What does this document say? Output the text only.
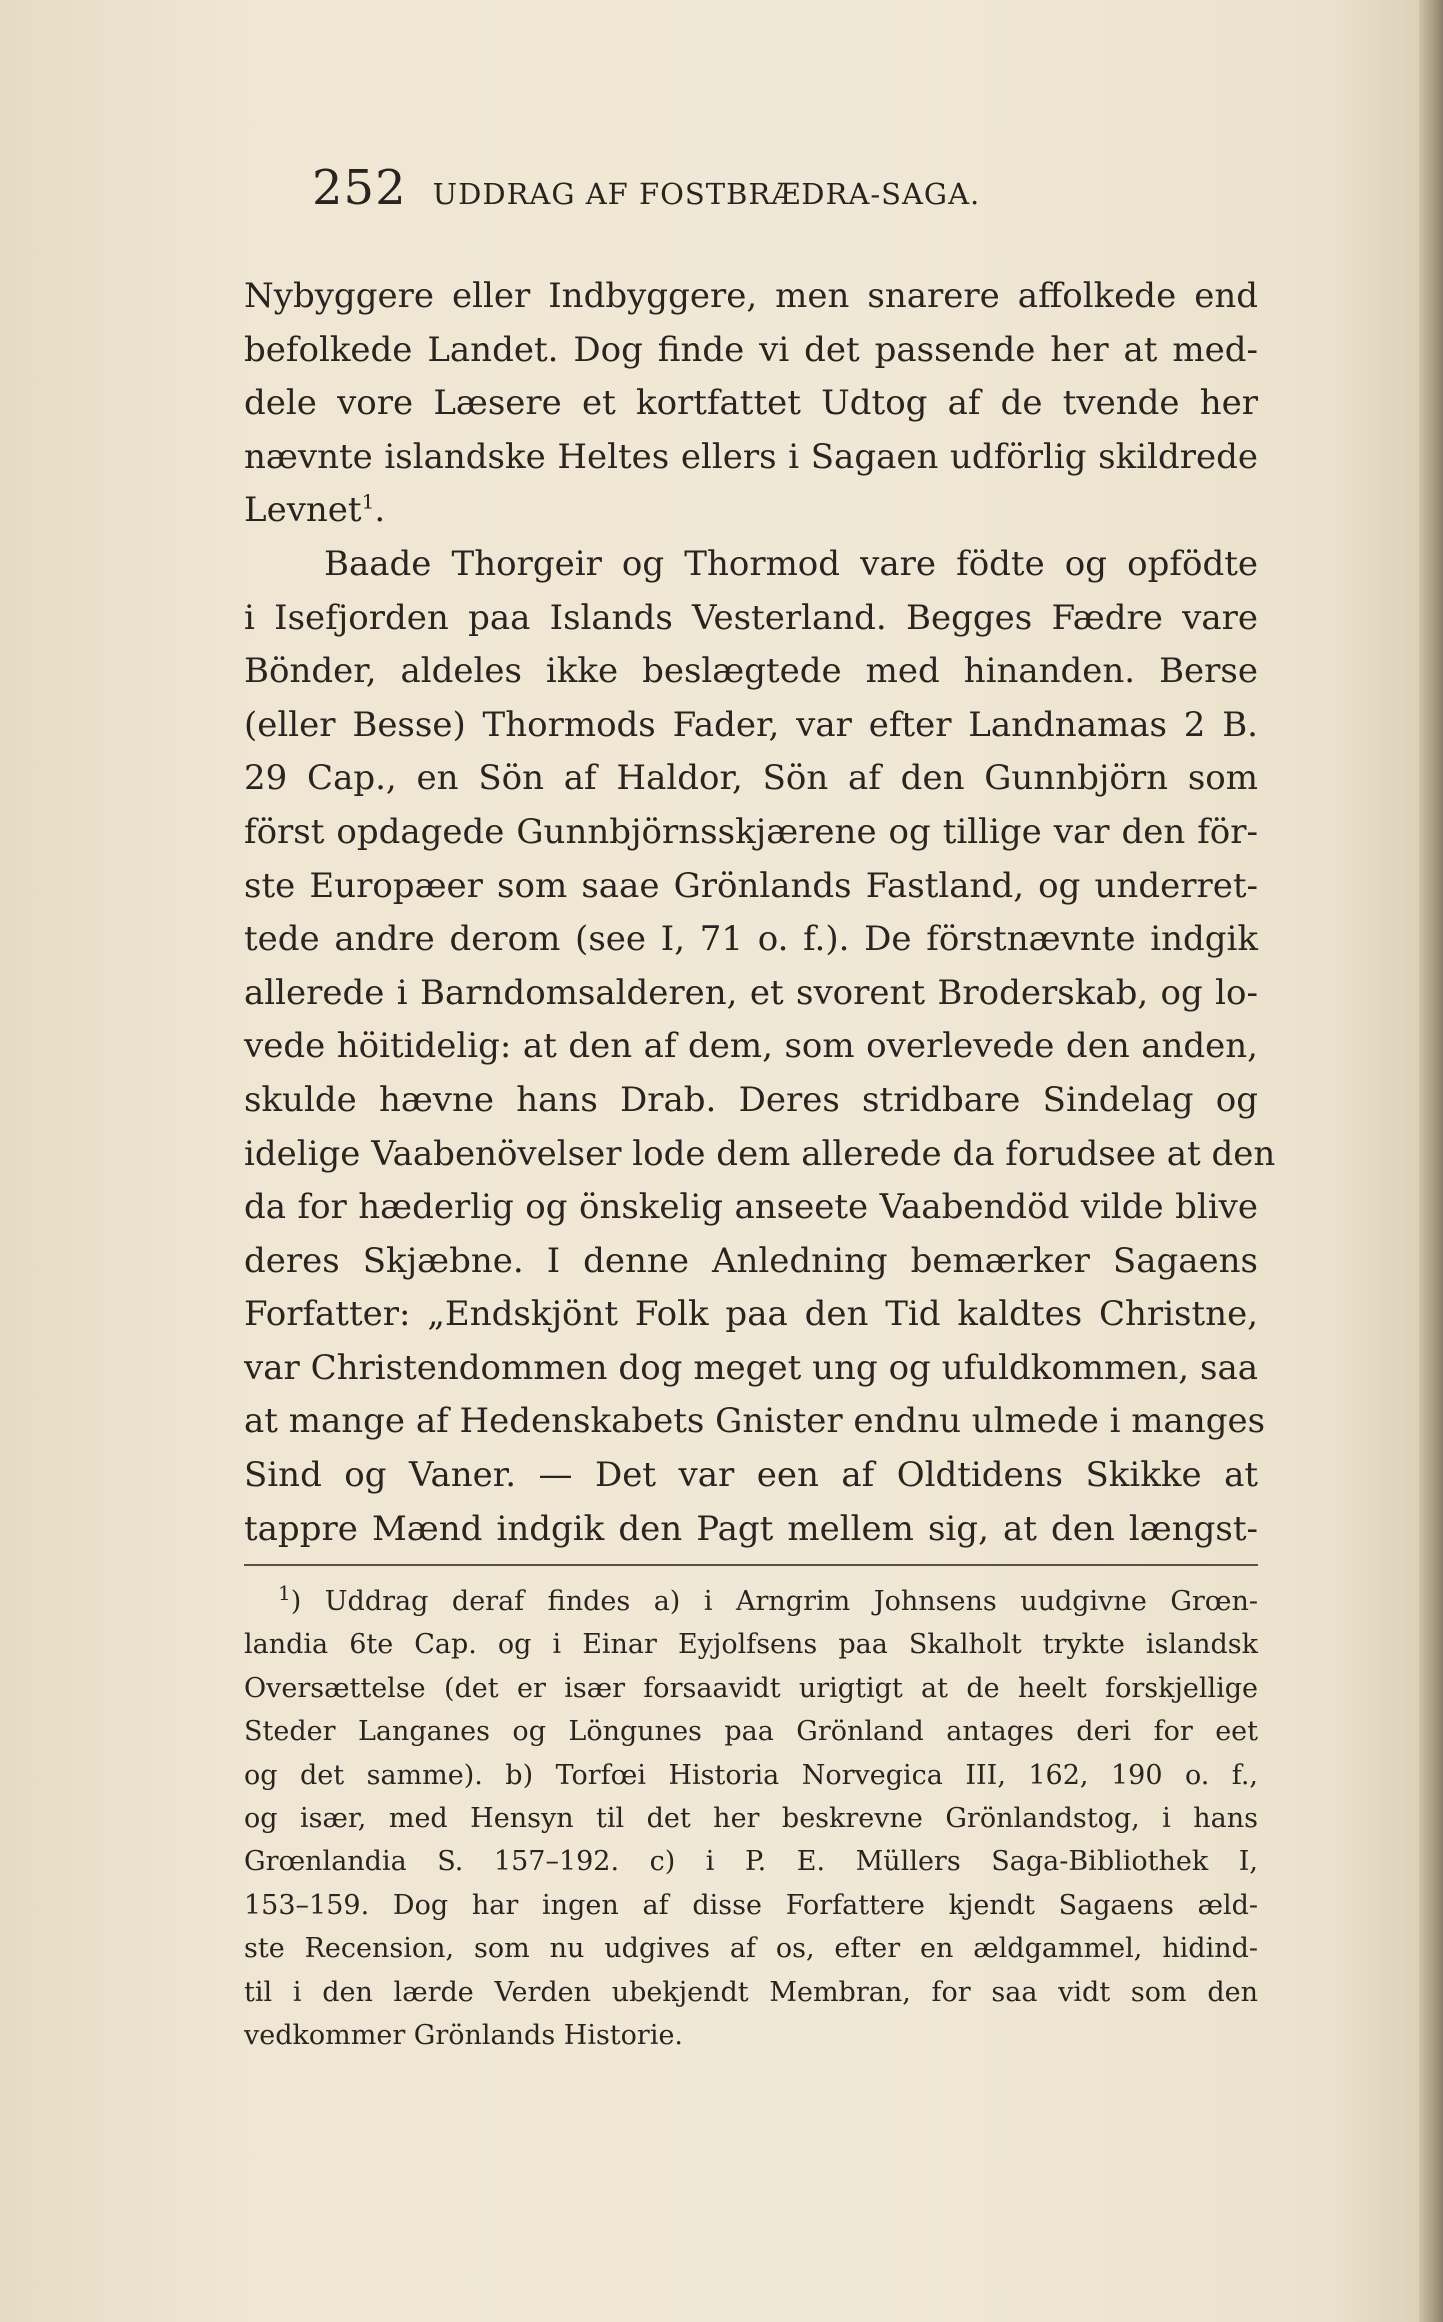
252 UDDRAG AF FOSTBRÆDRA-SAGA.
Nybyggere eller Indbyggere, men snarere affolkede end
befolkede Landet. Dog finde vi det passende her at med-
dele vore Læsere et kortfattet Udtog af de tvende her
nævnte islandske Heltes ellers i Sagaen udförlig skildrede
Levnet$^1$.
Baade Thorgeir og Thormod vare födte og opfödte
i Isefjorden paa Islands Vesterland. Begges Fædre vare
Bönder, aldeles ikke beslægtede med hinanden. Berse
(eller Besse) Thormods Fader, var efter Landnamas 2 B.
29 Cap., en Sön af Haldor, Sön af den Gunnbjörn som
först opdagede Gunnbjörnsskjærene og tillige var den för-
ste Europæer som saae Grönlands Fastland, og underret-
tede andre derom (see I, 71 o. f.). De förstnævnte indgik
allerede i Barndomsalderen, et svorent Broderskab, og lo-
vede höitidelig: at den af dem, som overlevede den anden,
skulde hævne hans Drab. Deres stridbare Sindelag og
idelige Vaabenövelser lode dem allerede da forudsee at den
da for hæderlig og önskelig anseete Vaabendöd vilde blive
deres Skjæbne. I denne Anledning bemærker Sagaens
Forfatter: „Endskjönt Folk paa den Tid kaldtes Christne,
var Christendommen dog meget ung og ufuldkommen, saa
at mange af Hedenskabets Gnister endnu ulmede i manges
Sind og Vaner. — Det var een af Oldtidens Skikke at
tappre Mænd indgik den Pagt mellem sig, at den længst-
$^1$) Uddrag deraf findes a) i Arngrim Johnsens uudgivne Grœn-
landia 6te Cap. og i Einar Eyjolfsens paa Skalholt trykte islandsk
Oversættelse (det er især forsaavidt urigtigt at de heelt forskjellige
Steder Langanes og Löngunes paa Grönland antages deri for eet
og det samme). b) Torfœi Historia Norvegica III, 162, 190 o. f.,
og især, med Hensyn til det her beskrevne Grönlandstog, i hans
Grœnlandia S. 157–192. c) i P. E. Müllers Saga-Bibliothek I,
153–159. Dog har ingen af disse Forfattere kjendt Sagaens æld-
ste Recension, som nu udgives af os, efter en ældgammel, hidind-
til i den lærde Verden ubekjendt Membran, for saa vidt som den
vedkommer Grönlands Historie.
